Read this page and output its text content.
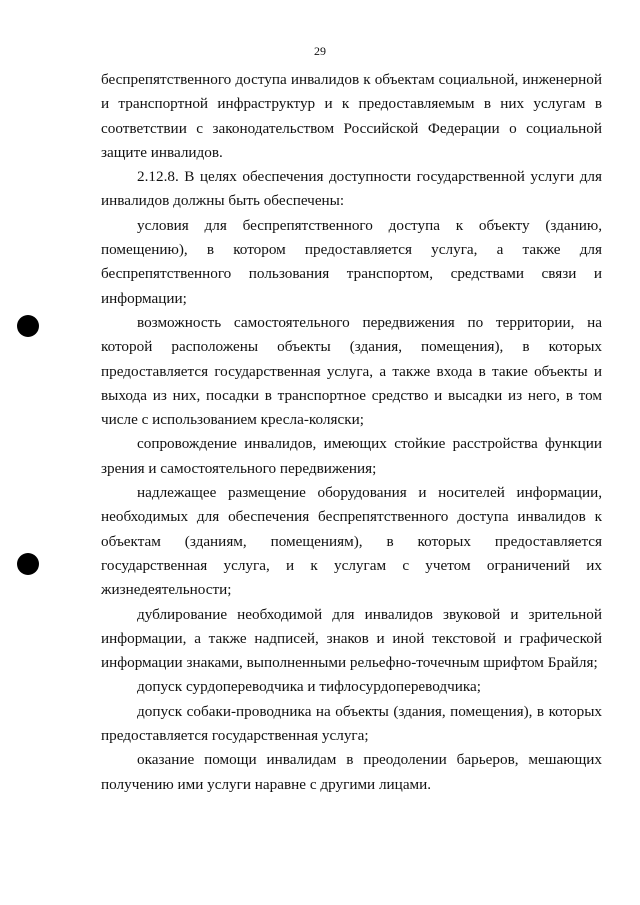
29

беспрепятственного доступа инвалидов к объектам социальной, инженерной и транспортной инфраструктур и к предоставляемым в них услугам в соответствии с законодательством Российской Федерации о социальной защите инвалидов.

2.12.8. В целях обеспечения доступности государственной услуги для инвалидов должны быть обеспечены:

условия для беспрепятственного доступа к объекту (зданию, помещению), в котором предоставляется услуга, а также для беспрепятственного пользования транспортом, средствами связи и информации;

возможность самостоятельного передвижения по территории, на которой расположены объекты (здания, помещения), в которых предоставляется государственная услуга, а также входа в такие объекты и выхода из них, посадки в транспортное средство и высадки из него, в том числе с использованием кресла-коляски;

сопровождение инвалидов, имеющих стойкие расстройства функции зрения и самостоятельного передвижения;

надлежащее размещение оборудования и носителей информации, необходимых для обеспечения беспрепятственного доступа инвалидов к объектам (зданиям, помещениям), в которых предоставляется государственная услуга, и к услугам с учетом ограничений их жизнедеятельности;

дублирование необходимой для инвалидов звуковой и зрительной информации, а также надписей, знаков и иной текстовой и графической информации знаками, выполненными рельефно-точечным шрифтом Брайля;

допуск сурдопереводчика и тифлосурдопереводчика;

допуск собаки-проводника на объекты (здания, помещения), в которых предоставляется государственная услуга;

оказание помощи инвалидам в преодолении барьеров, мешающих получению ими услуги наравне с другими лицами.
